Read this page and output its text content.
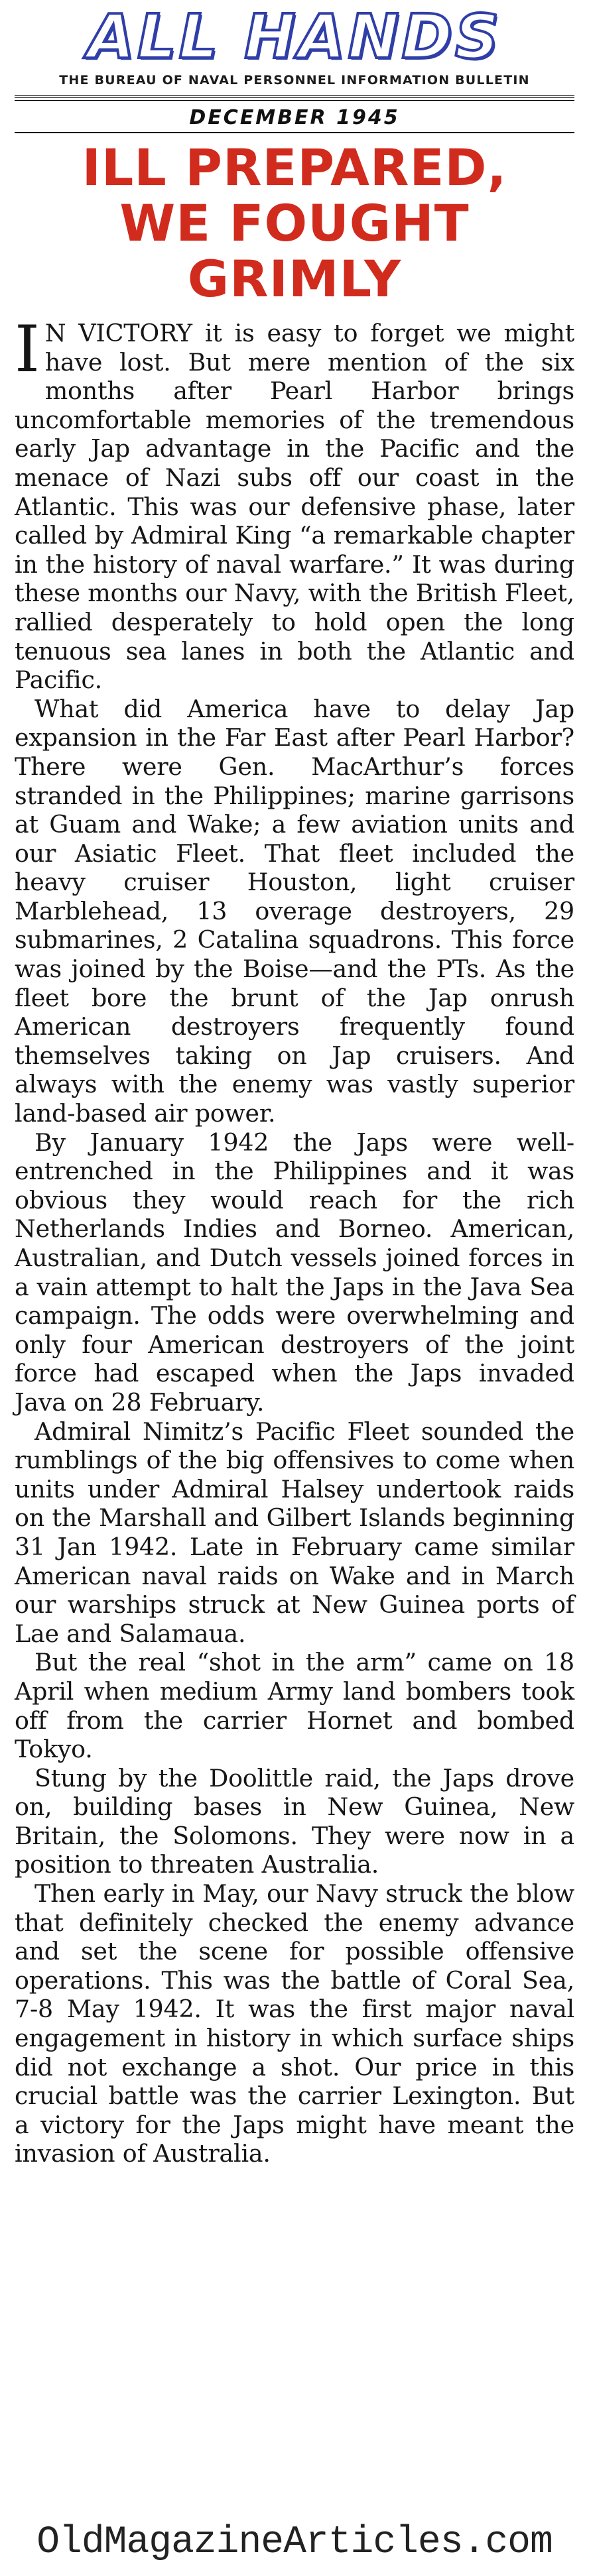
ALL HANDS
THE BUREAU OF NAVAL PERSONNEL INFORMATION BULLETIN
DECEMBER 1945
ILL PREPARED,
WE FOUGHT GRIMLY

I N VICTORY it is easy to forget we might have lost. But mere mention of the six months after Pearl Harbor brings uncomfortable memories of the tremendous early Jap advantage in the Pacific and the menace of Nazi subs off our coast in the Atlantic. This was our defensive phase, later called by Admiral King “a remarkable chapter in the history of naval warfare.” It was during these months our Navy, with the British Fleet, rallied desperately to hold open the long tenuous sea lanes in both the Atlantic and Pacific.

What did America have to delay Jap expansion in the Far East after Pearl Harbor? There were Gen. MacArthur’s forces stranded in the Philippines; marine garrisons at Guam and Wake; a few aviation units and our Asiatic Fleet. That fleet included the heavy cruiser Houston, light cruiser Marblehead, 13 overage destroyers, 29 submarines, 2 Catalina squadrons. This force was joined by the Boise—and the PTs. As the fleet bore the brunt of the Jap onrush American destroyers frequently found themselves taking on Jap cruisers. And always with the enemy was vastly superior land-based air power.

By January 1942 the Japs were well-entrenched in the Philippines and it was obvious they would reach for the rich Netherlands Indies and Borneo. American, Australian, and Dutch vessels joined forces in a vain attempt to halt the Japs in the Java Sea campaign. The odds were overwhelming and only four American destroyers of the joint force had escaped when the Japs invaded Java on 28 February.

Admiral Nimitz’s Pacific Fleet sounded the rumblings of the big offensives to come when units under Admiral Halsey undertook raids on the Marshall and Gilbert Islands beginning 31 Jan 1942. Late in February came similar American naval raids on Wake and in March our warships struck at New Guinea ports of Lae and Salamaua.

But the real “shot in the arm” came on 18 April when medium Army land bombers took off from the carrier Hornet and bombed Tokyo.

Stung by the Doolittle raid, the Japs drove on, building bases in New Guinea, New Britain, the Solomons. They were now in a position to threaten Australia.

Then early in May, our Navy struck the blow that definitely checked the enemy advance and set the scene for possible offensive operations. This was the battle of Coral Sea, 7-8 May 1942. It was the first major naval engagement in history in which surface ships did not exchange a shot. Our price in this crucial battle was the carrier Lexington. But a victory for the Japs might have meant the invasion of Australia.

OldMagazineArticles.com
